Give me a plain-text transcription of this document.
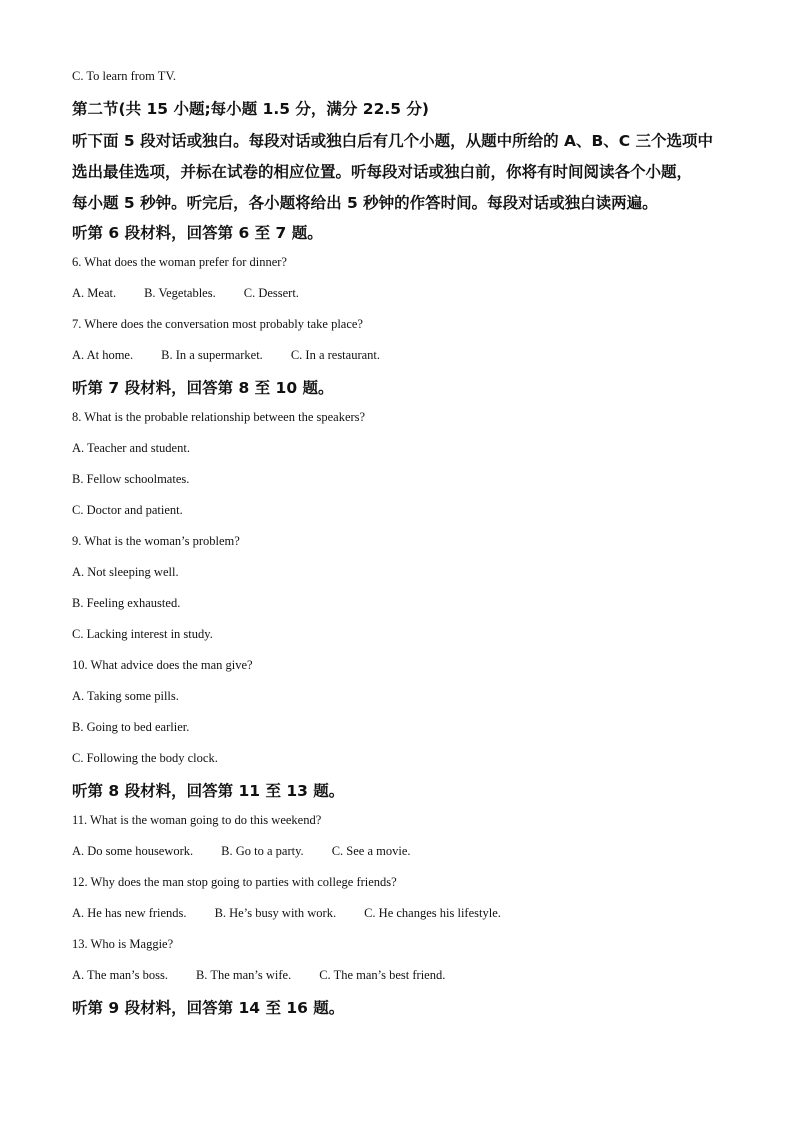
C. To learn from TV.
第二节(共 15 小题;每小题 1.5 分，满分 22.5 分)
听下面 5 段对话或独白。每段对话或独白后有几个小题，从题中所给的 A、B、C 三个选项中
选出最佳选项，并标在试卷的相应位置。听每段对话或独白前，你将有时间阅读各个小题，
每小题 5 秒钟。听完后，各小题将给出 5 秒钟的作答时间。每段对话或独白读两遍。
听第 6 段材料，回答第 6 至 7 题。
6. What does the woman prefer for dinner?
A. Meat. B. Vegetables. C. Dessert.
7. Where does the conversation most probably take place?
A. At home. B. In a supermarket. C. In a restaurant.
听第 7 段材料，回答第 8 至 10 题。
8. What is the probable relationship between the speakers?
A. Teacher and student.
B. Fellow schoolmates.
C. Doctor and patient.
9. What is the woman’s problem?
A. Not sleeping well.
B. Feeling exhausted.
C. Lacking interest in study.
10. What advice does the man give?
A. Taking some pills.
B. Going to bed earlier.
C. Following the body clock.
听第 8 段材料，回答第 11 至 13 题。
11. What is the woman going to do this weekend?
A. Do some housework. B. Go to a party. C. See a movie.
12. Why does the man stop going to parties with college friends?
A. He has new friends. B. He’s busy with work. C. He changes his lifestyle.
13. Who is Maggie?
A. The man’s boss. B. The man’s wife. C. The man’s best friend.
听第 9 段材料，回答第 14 至 16 题。
